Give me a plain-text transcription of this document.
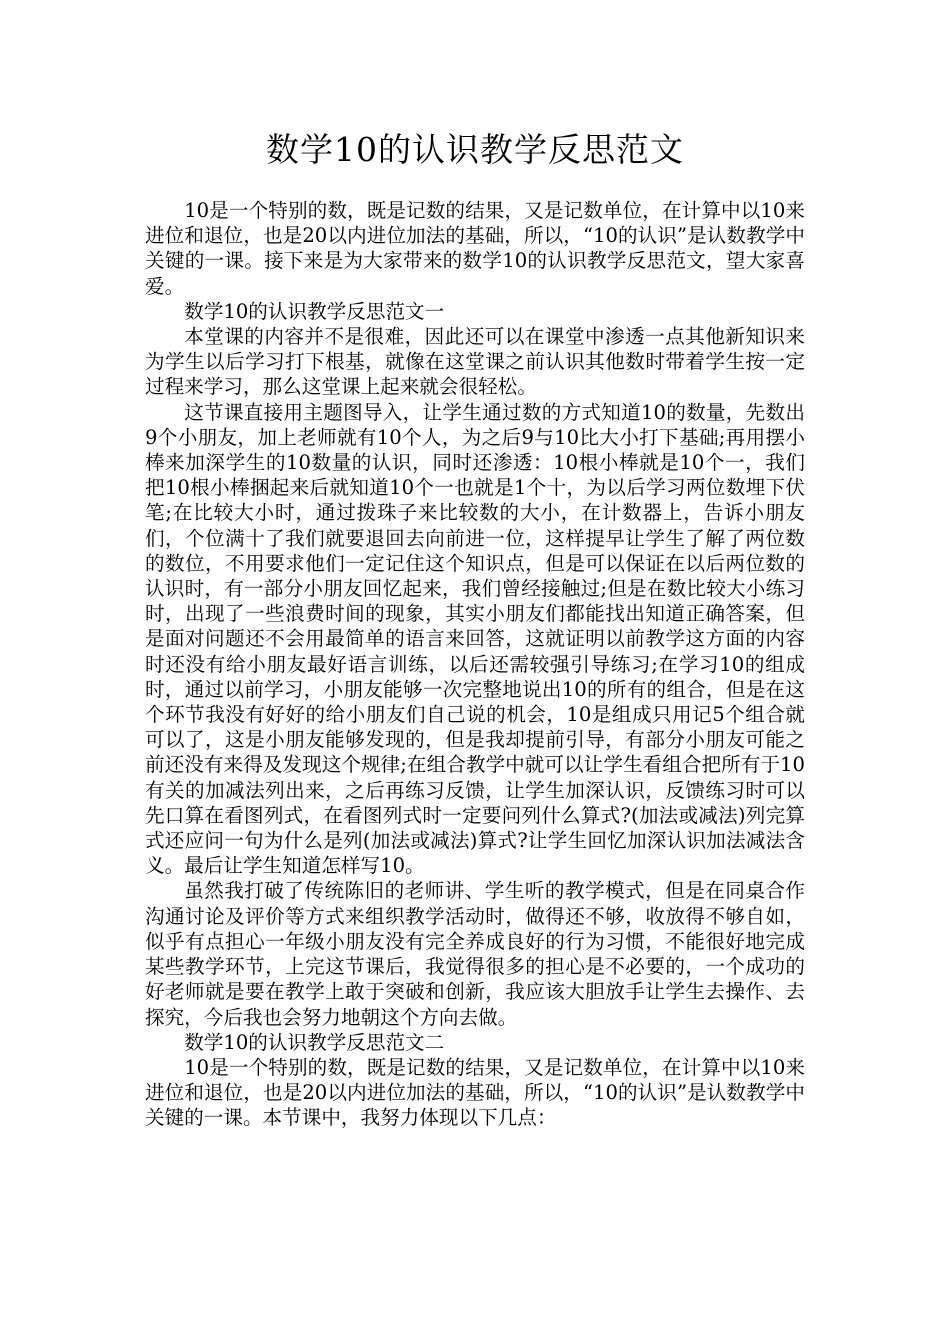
数学10的认识教学反思范文

10是一个特别的数，既是记数的结果，又是记数单位，在计算中以10来进位和退位，也是20以内进位加法的基础，所以，“10的认识”是认数教学中关键的一课。接下来是为大家带来的数学10的认识教学反思范文，望大家喜爱。

数学10的认识教学反思范文一

本堂课的内容并不是很难，因此还可以在课堂中渗透一点其他新知识来为学生以后学习打下根基，就像在这堂课之前认识其他数时带着学生按一定过程来学习，那么这堂课上起来就会很轻松。

这节课直接用主题图导入，让学生通过数的方式知道10的数量，先数出9个小朋友，加上老师就有10个人，为之后9与10比大小打下基础;再用摆小棒来加深学生的10数量的认识，同时还渗透：10根小棒就是10个一，我们把10根小棒捆起来后就知道10个一也就是1个十，为以后学习两位数埋下伏笔;在比较大小时，通过拨珠子来比较数的大小，在计数器上，告诉小朋友们，个位满十了我们就要退回去向前进一位，这样提早让学生了解了两位数的数位，不用要求他们一定记住这个知识点，但是可以保证在以后两位数的认识时，有一部分小朋友回忆起来，我们曾经接触过;但是在数比较大小练习时，出现了一些浪费时间的现象，其实小朋友们都能找出知道正确答案，但是面对问题还不会用最简单的语言来回答，这就证明以前教学这方面的内容时还没有给小朋友最好语言训练，以后还需较强引导练习;在学习10的组成时，通过以前学习，小朋友能够一次完整地说出10的所有的组合，但是在这个环节我没有好好的给小朋友们自己说的机会，10是组成只用记5个组合就可以了，这是小朋友能够发现的，但是我却提前引导，有部分小朋友可能之前还没有来得及发现这个规律;在组合教学中就可以让学生看组合把所有于10有关的加减法列出来，之后再练习反馈，让学生加深认识，反馈练习时可以先口算在看图列式，在看图列式时一定要问列什么算式?(加法或减法)列完算式还应问一句为什么是列(加法或减法)算式?让学生回忆加深认识加法减法含义。最后让学生知道怎样写10。

虽然我打破了传统陈旧的老师讲、学生听的教学模式，但是在同桌合作沟通讨论及评价等方式来组织教学活动时，做得还不够，收放得不够自如，似乎有点担心一年级小朋友没有完全养成良好的行为习惯，不能很好地完成某些教学环节，上完这节课后，我觉得很多的担心是不必要的，一个成功的好老师就是要在教学上敢于突破和创新，我应该大胆放手让学生去操作、去探究，今后我也会努力地朝这个方向去做。

数学10的认识教学反思范文二

10是一个特别的数，既是记数的结果，又是记数单位，在计算中以10来进位和退位，也是20以内进位加法的基础，所以，“10的认识”是认数教学中关键的一课。本节课中，我努力体现以下几点：
